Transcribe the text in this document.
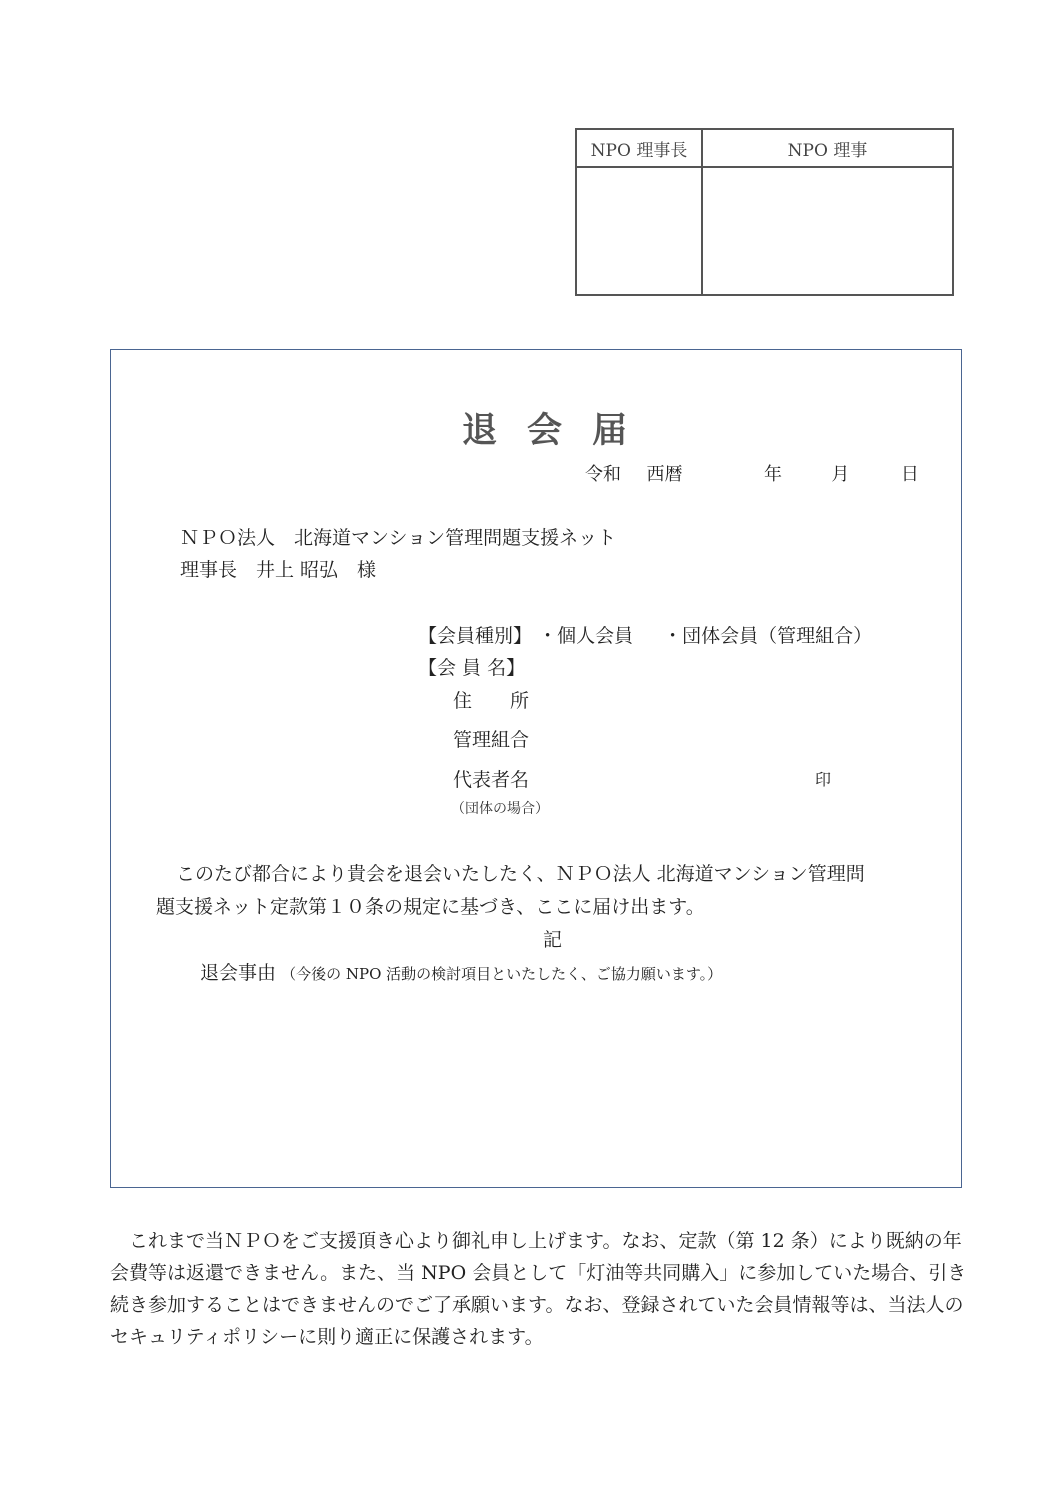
NPO 理事長	NPO 理事

退会届
令和 西暦	年	月	日
ＮＰＯ法人　北海道マンション管理問題支援ネット
理事長　井上 昭弘　様
【会員種別】 ・個人会員 ・団体会員（管理組合）
【会 員 名】
住　　所
管理組合
代表者名	印
（団体の場合）
このたび都合により貴会を退会いたしたく、ＮＰＯ法人 北海道マンション管理問
題支援ネット定款第１０条の規定に基づき、ここに届け出ます。
記
退会事由 （今後の NPO 活動の検討項目といたしたく、ご協力願います。）
これまで当ＮＰＯをご支援頂き心より御礼申し上げます。なお、定款（第 12 条）により既納の年会費等は返還できません。また、当 NPO 会員として「灯油等共同購入」に参加していた場合、引き続き参加することはできませんのでご了承願います。なお、登録されていた会員情報等は、当法人のセキュリティポリシーに則り適正に保護されます。
